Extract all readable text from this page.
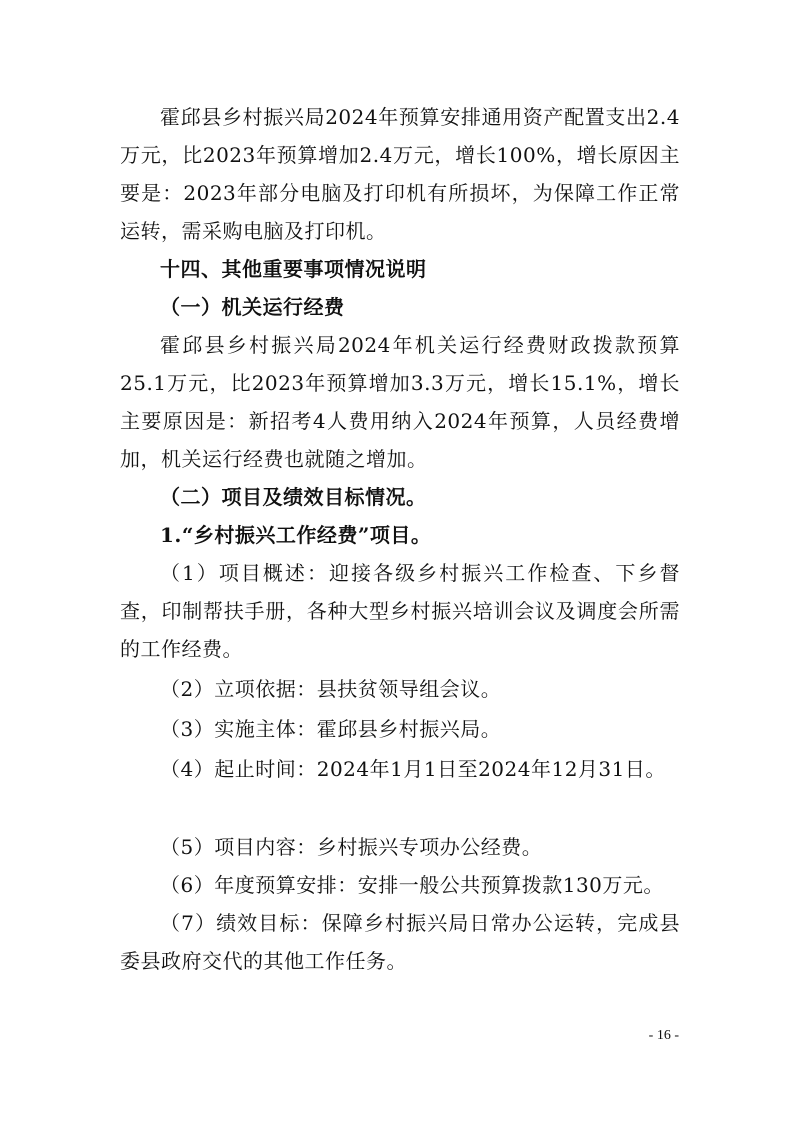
霍邱县乡村振兴局2024年预算安排通用资产配置支出2.4万元，比2023年预算增加2.4万元，增长100%，增长原因主要是：2023年部分电脑及打印机有所损坏，为保障工作正常运转，需采购电脑及打印机。

十四、其他重要事项情况说明

（一）机关运行经费

霍邱县乡村振兴局2024年机关运行经费财政拨款预算25.1万元，比2023年预算增加3.3万元，增长15.1%，增长主要原因是：新招考4人费用纳入2024年预算，人员经费增加，机关运行经费也就随之增加。

（二）项目及绩效目标情况。

1.“乡村振兴工作经费”项目。

（1）项目概述：迎接各级乡村振兴工作检查、下乡督查，印制帮扶手册，各种大型乡村振兴培训会议及调度会所需的工作经费。

（2）立项依据：县扶贫领导组会议。

（3）实施主体：霍邱县乡村振兴局。

（4）起止时间：2024年1月1日至2024年12月31日。

（5）项目内容：乡村振兴专项办公经费。

（6）年度预算安排：安排一般公共预算拨款130万元。

（7）绩效目标：保障乡村振兴局日常办公运转，完成县委县政府交代的其他工作任务。

- 16 -
